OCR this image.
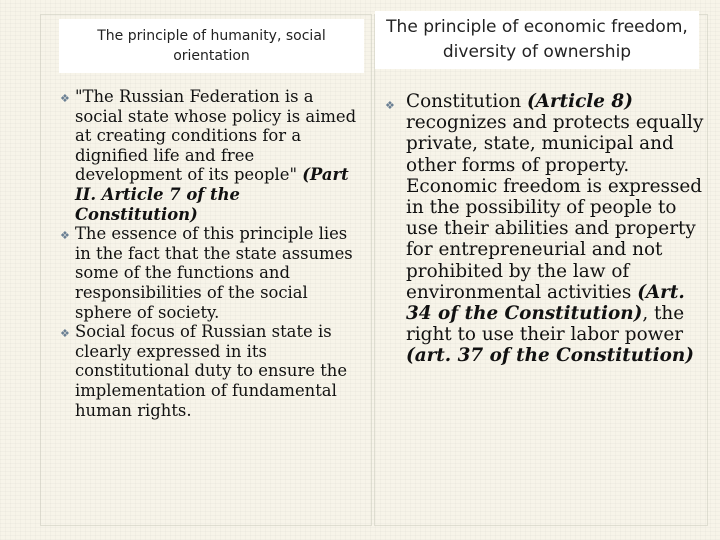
The principle of humanity, social orientation
The principle of economic freedom, diversity of ownership
❖ "The Russian Federation is a social state whose policy is aimed at creating conditions for a dignified life and free development of its people" (Part II. Article 7 of the Constitution)
❖ The essence of this principle lies in the fact that the state assumes some of the functions and responsibilities of the social sphere of society.
❖ Social focus of Russian state is clearly expressed in its constitutional duty to ensure the implementation of fundamental human rights.
❖ Constitution (Article 8) recognizes and protects equally private, state, municipal and other forms of property. Economic freedom is expressed in the possibility of people to use their abilities and property for entrepreneurial and not prohibited by the law of environmental activities (Art. 34 of the Constitution), the right to use their labor power (art. 37 of the Constitution)
